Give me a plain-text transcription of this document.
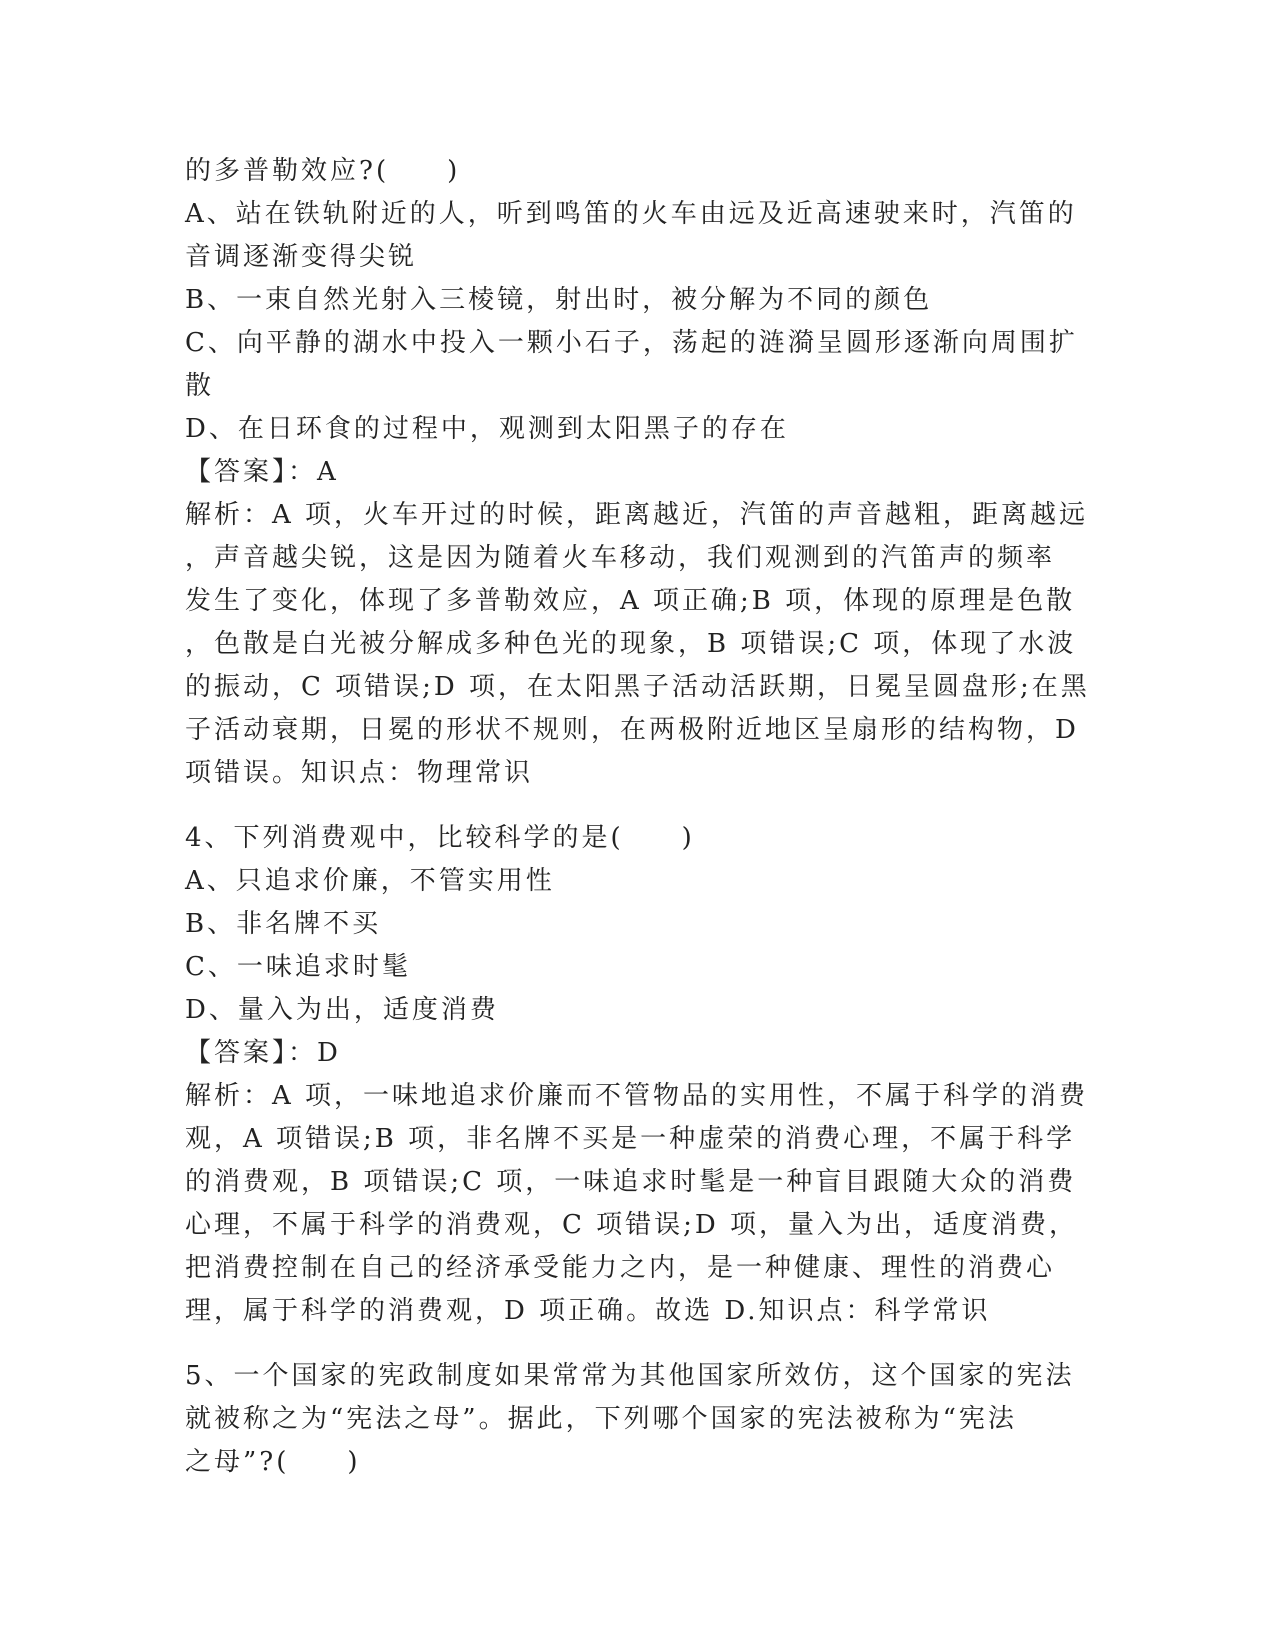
的多普勒效应?(　　)
A、站在铁轨附近的人，听到鸣笛的火车由远及近高速驶来时，汽笛的
音调逐渐变得尖锐
B、一束自然光射入三棱镜，射出时，被分解为不同的颜色
C、向平静的湖水中投入一颗小石子，荡起的涟漪呈圆形逐渐向周围扩
散
D、在日环食的过程中，观测到太阳黑子的存在
【答案】：A
解析：A 项，火车开过的时候，距离越近，汽笛的声音越粗，距离越远
，声音越尖锐，这是因为随着火车移动，我们观测到的汽笛声的频率
发生了变化，体现了多普勒效应，A 项正确;B 项，体现的原理是色散
，色散是白光被分解成多种色光的现象，B 项错误;C 项，体现了水波
的振动，C 项错误;D 项，在太阳黑子活动活跃期，日冕呈圆盘形;在黑
子活动衰期，日冕的形状不规则，在两极附近地区呈扇形的结构物，D
项错误。知识点：物理常识
4、下列消费观中，比较科学的是(　　)
A、只追求价廉，不管实用性
B、非名牌不买
C、一味追求时髦
D、量入为出，适度消费
【答案】：D
解析：A 项，一味地追求价廉而不管物品的实用性，不属于科学的消费
观，A 项错误;B 项，非名牌不买是一种虚荣的消费心理，不属于科学
的消费观，B 项错误;C 项，一味追求时髦是一种盲目跟随大众的消费
心理，不属于科学的消费观，C 项错误;D 项，量入为出，适度消费，
把消费控制在自己的经济承受能力之内，是一种健康、理性的消费心
理，属于科学的消费观，D 项正确。故选 D.知识点：科学常识
5、一个国家的宪政制度如果常常为其他国家所效仿，这个国家的宪法
就被称之为“宪法之母”。据此，下列哪个国家的宪法被称为“宪法
之母”?(　　)
